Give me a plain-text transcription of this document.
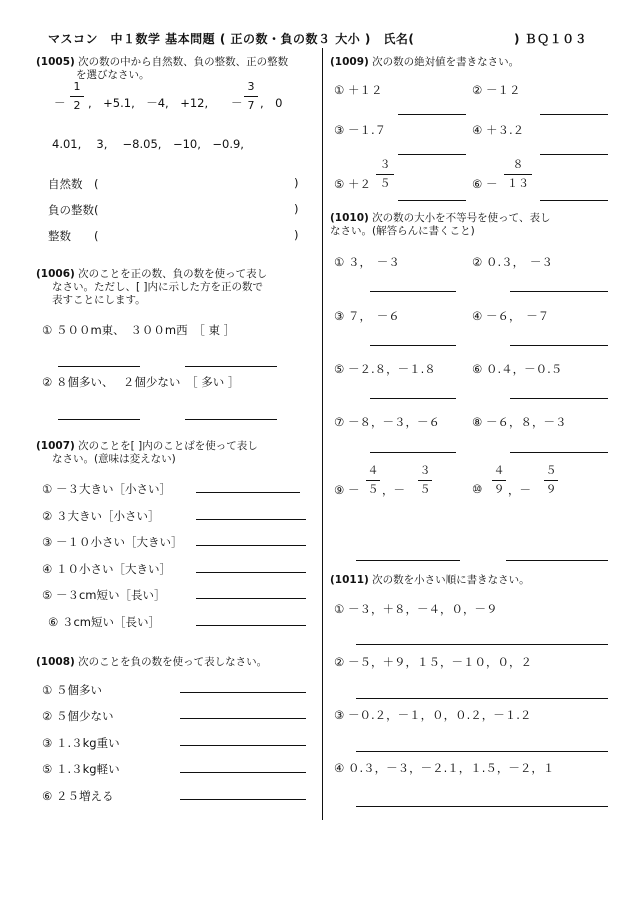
マスコン　中１数学 基本問題 ( 正の数・負の数３ 大小 )　氏名(	) ＢＱ１０３
(1005) 次の数の中から自然数、負の整数、正の整数
を選びなさい。
－
1
2 ,　+5.1,　－4,　+12, －
3
7 ,　0
4.01,　 3,　 −8.05,　−10,　−0.9,
自然数　(	)
負の整数(	)
整数　　(	)
(1006) 次のことを正の数、負の数を使って表し
なさい。ただし、[ ]内に示した方を正の数で
表すことにします。
① ５００m東、　３００m西　［ 東 ］
② ８個多い、　 ２個少ない　［ 多い ］
(1007) 次のことを[ ]内のことばを使って表し
なさい。(意味は変えない)
① －３大きい［小さい］
② ３大きい［小さい］
③ －１０小さい［大きい］
④ １０小さい［大きい］
⑤ －３cm短い［長い］
⑥ ３cm短い［長い］
(1008) 次のことを負の数を使って表しなさい。
① ５個多い
② ５個少ない
③ １.３kg重い
⑤ １.３kg軽い
⑥ ２５増える
(1009) 次の数の絶対値を書きなさい。
① ＋１２	② －１２
③ －１.７	④ ＋３.２
⑤ ＋２
３
５	⑥ －
８
１３
(1010) 次の数の大小を不等号を使って、表し
なさい。(解答らんに書くこと)
① ３，　－３	② ０.３，　－３
③ ７，　－６	④ －６，　－７
⑤ －２.８，－１.８	⑥ ０.４，－０.５
⑦ －８，－３，－６	⑧ －６，８，－３
⑨ －
４
５ ，－
３
５	⑩
４
９ ，－
５
９
(1011) 次の数を小さい順に書きなさい。
① －３，＋８，－４，０，－９
② －５，＋９，１５，－１０，０，２
③ －０.２，－１，０，０.２，－１.２
④ ０.３，－３，－２.１，１.５，－２，１
